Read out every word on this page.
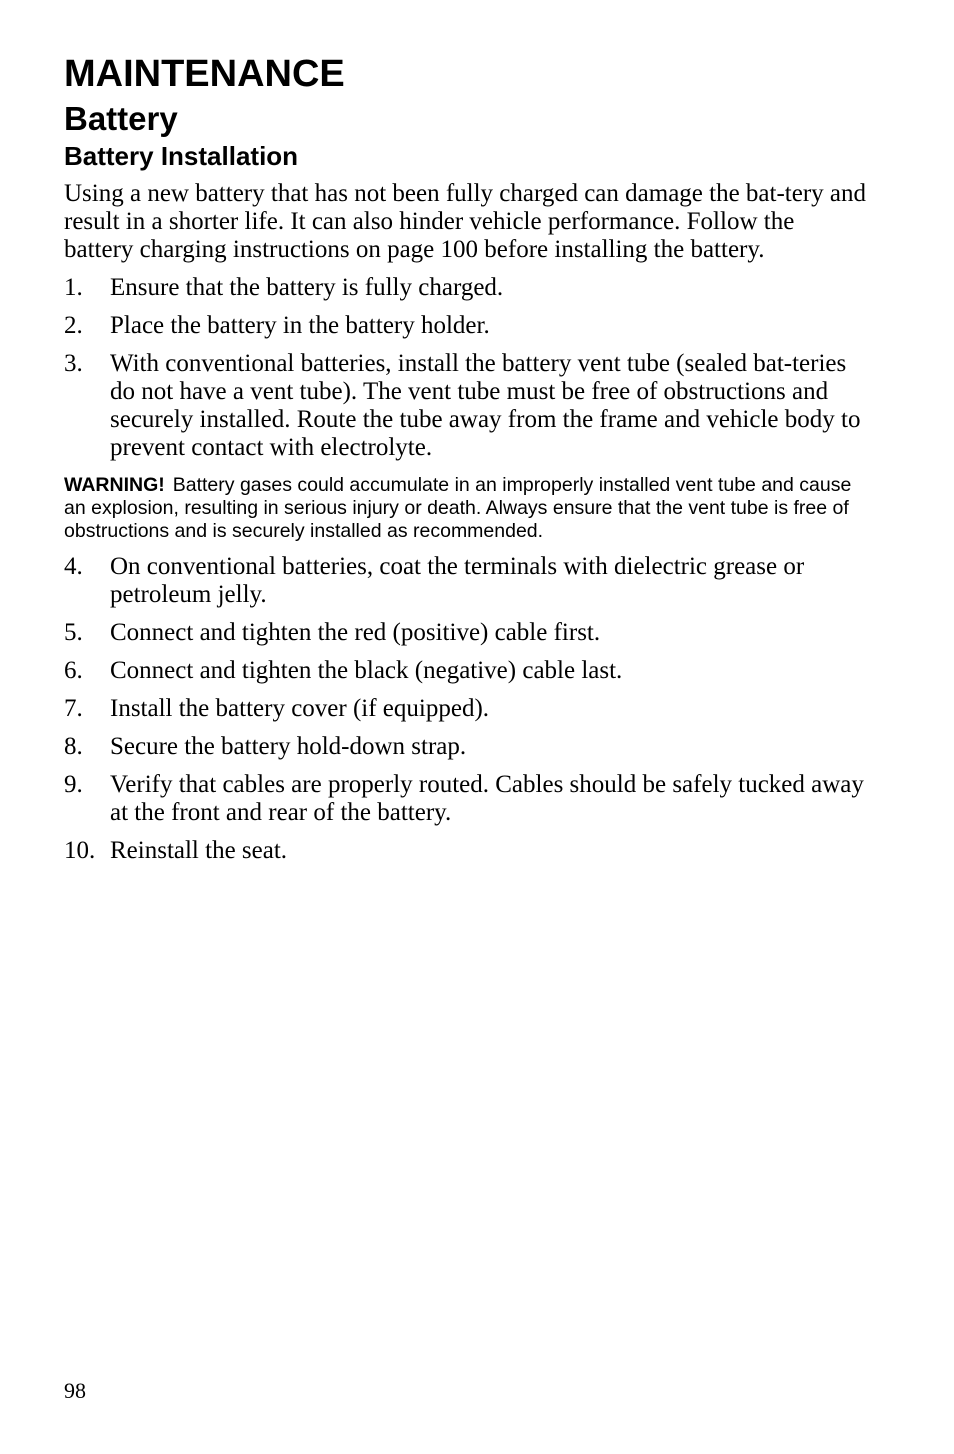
MAINTENANCE
Battery
Battery Installation

Using a new battery that has not been fully charged can damage the bat-tery and result in a shorter life. It can also hinder vehicle performance. Follow the battery charging instructions on page 100 before installing the battery.

1.	Ensure that the battery is fully charged.
2.	Place the battery in the battery holder.
3.	With conventional batteries, install the battery vent tube (sealed bat-teries do not have a vent tube). The vent tube must be free of obstructions and securely installed. Route the tube away from the frame and vehicle body to prevent contact with electrolyte.

WARNING! Battery gases could accumulate in an improperly installed vent tube and cause an explosion, resulting in serious injury or death. Always ensure that the vent tube is free of obstructions and is securely installed as recommended.

4.	On conventional batteries, coat the terminals with dielectric grease or petroleum jelly.
5.	Connect and tighten the red (positive) cable first.
6.	Connect and tighten the black (negative) cable last.
7.	Install the battery cover (if equipped).
8.	Secure the battery hold-down strap.
9.	Verify that cables are properly routed. Cables should be safely tucked away at the front and rear of the battery.
10. Reinstall the seat.
98
